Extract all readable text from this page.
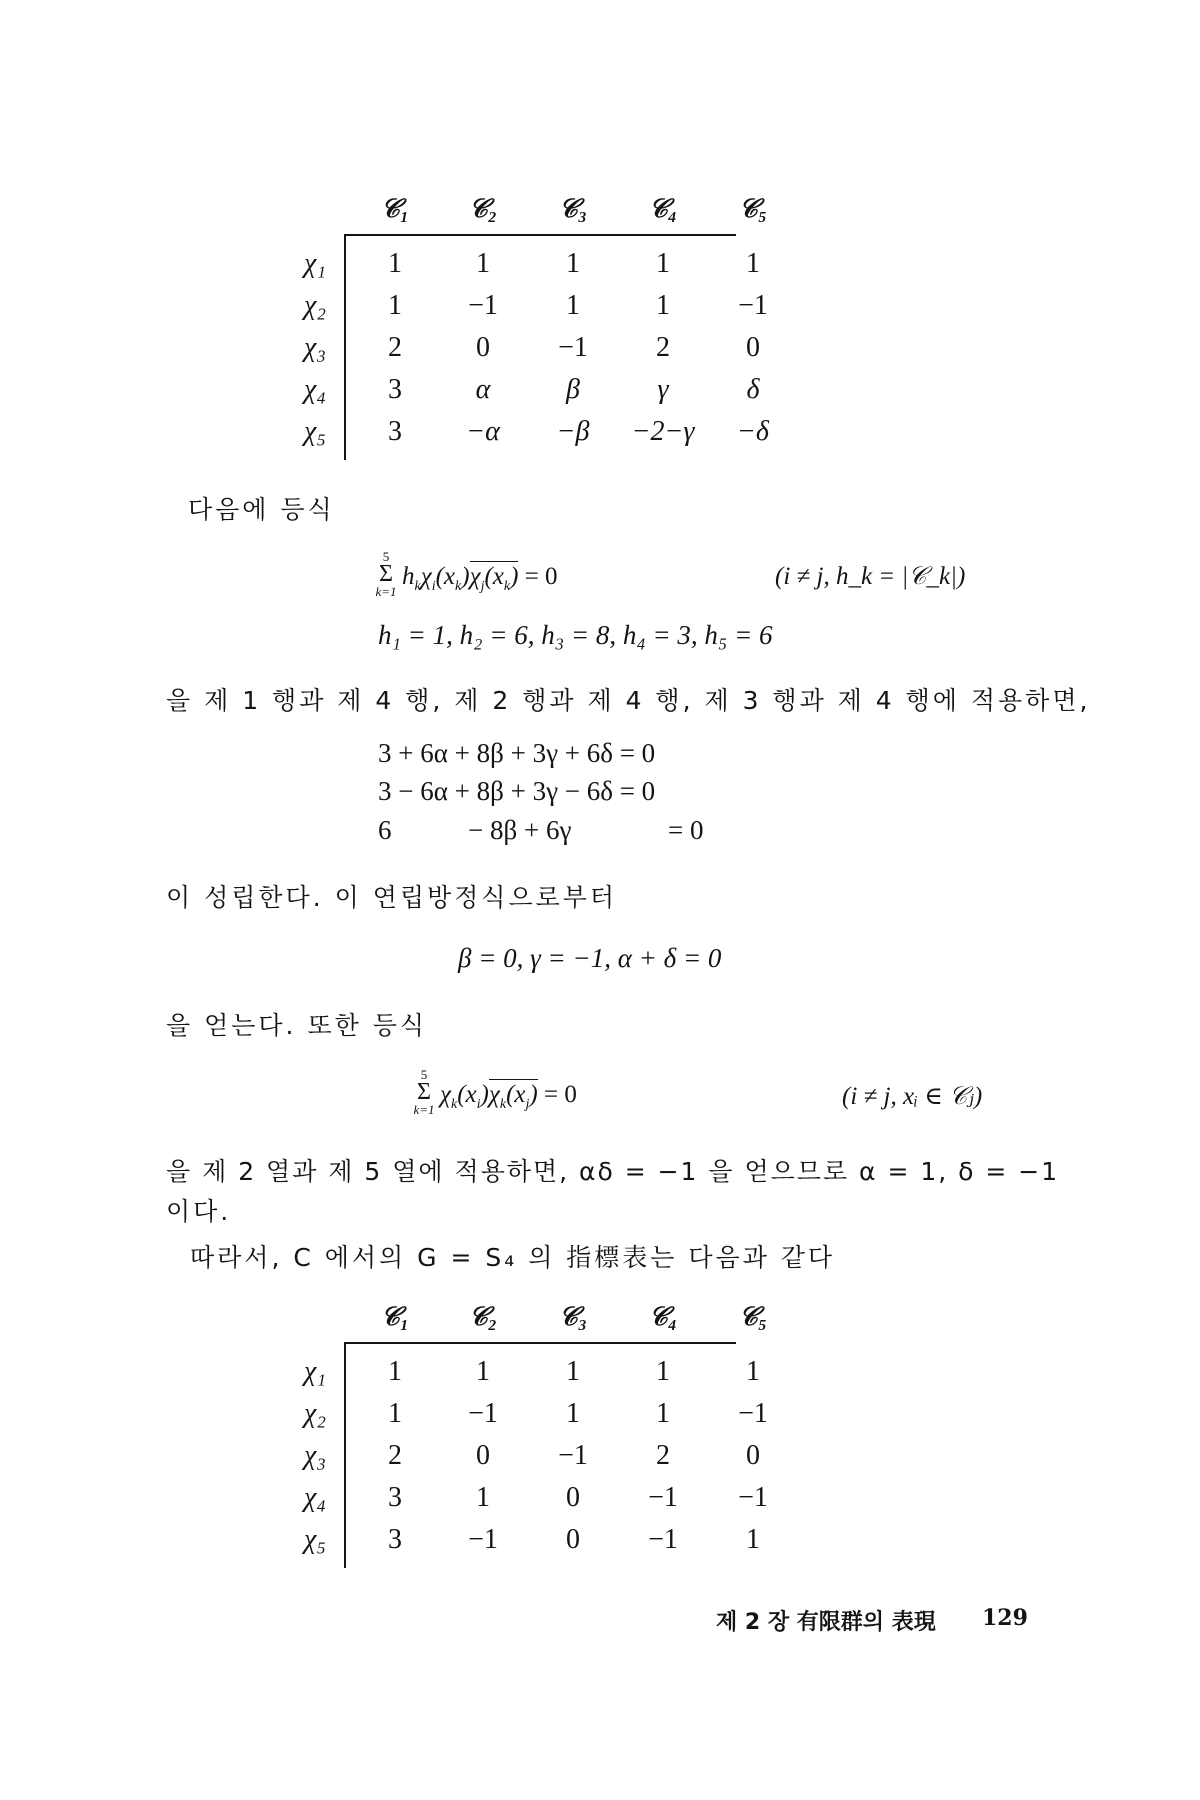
𝒞₁	𝒞₂	𝒞₃	𝒞₄	𝒞₅
χ₁	1	1	1	1	1
χ₂	1	−1	1	1	−1
χ₃	2	0	−1	2	0
χ₄	3	α	β	γ	δ
χ₅	3	−α	−β	−2−γ	−δ
다음에 등식
5
Σ
k=1
$h_k\chi_i(x_k)\chi_j(x_k) = 0$	(i ≠ j, h_k = |𝒞_k|)
h₁ = 1, h₂ = 6, h₃ = 8, h₄ = 3, h₅ = 6
을 제 1 행과 제 4 행, 제 2 행과 제 4 행, 제 3 행과 제 4 행에 적용하면,
3 + 6α + 8β + 3γ + 6δ = 0
3 − 6α + 8β + 3γ − 6δ = 0
6	− 8β + 6γ	= 0
이 성립한다. 이 연립방정식으로부터
β = 0, γ = −1, α + δ = 0
을 얻는다. 또한 등식
5
Σ
k=1
$\chi_k(x_i)\chi_k(x_j) = 0$	(i ≠ j, xᵢ ∈ 𝒞ⱼ)
을 제 2 열과 제 5 열에 적용하면, αδ = −1 을 얻으므로 α = 1, δ = −1
이다.
따라서, C 에서의 G = S₄ 의 指標表는 다음과 같다
𝒞₁	𝒞₂	𝒞₃	𝒞₄	𝒞₅
χ₁	1	1	1	1	1
χ₂	1	−1	1	1	−1
χ₃	2	0	−1	2	0
χ₄	3	1	0	−1	−1
χ₅	3	−1	0	−1	1
제 2 장 有限群의 表現 129
